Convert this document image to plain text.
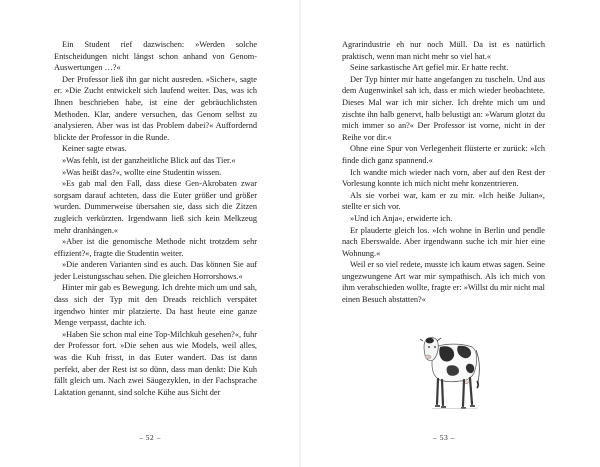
Ein Student rief dazwischen: »Werden solche Entscheidungen nicht längst schon anhand von Genom-Auswertungen …?«

Der Professor ließ ihn gar nicht ausreden. »Sicher«, sagte er. »Die Zucht entwickelt sich laufend weiter. Das, was ich Ihnen beschrieben habe, ist eine der gebräuchlichsten Methoden. Klar, andere versuchen, das Genom selbst zu analysieren. Aber was ist das Problem dabei?« Auffordernd blickte der Professor in die Runde.

Keiner sagte etwas.

»Was fehlt, ist der ganzheitliche Blick auf das Tier.«

»Was heißt das?«, wollte eine Studentin wissen.

»Es gab mal den Fall, dass diese Gen-Akrobaten zwar sorgsam darauf achteten, dass die Euter größer und größer wurden. Dummerweise übersahen sie, dass sich die Zitzen zugleich verkürzten. Irgendwann ließ sich kein Melkzeug mehr dranhängen.«

»Aber ist die genomische Methode nicht trotzdem sehr effizient?«, fragte die Studentin weiter.

»Die anderen Varianten sind es auch. Das können Sie auf jeder Leistungsschau sehen. Die gleichen Horrorshows.«

Hinter mir gab es Bewegung. Ich drehte mich um und sah, dass sich der Typ mit den Dreads reichlich verspätet irgendwo hinter mir platzierte. Da hast heute eine ganze Menge verpasst, dachte ich.

»Haben Sie schon mal eine Top-Milchkuh gesehen?«, fuhr der Professor fort. »Die sehen aus wie Models, weil alles, was die Kuh frisst, in das Euter wandert. Das ist dann perfekt, aber der Rest ist so dünn, dass man denkt: Die Kuh fällt gleich um. Nach zwei Säugezyklen, in der Fachsprache Laktation genannt, sind solche Kühe aus Sicht der

– 52 –

Agrarindustrie eh nur noch Müll. Da ist es natürlich praktisch, wenn man nicht mehr so viel hat.«

Seine sarkastische Art gefiel mir. Er hatte recht.

Der Typ hinter mir hatte angefangen zu tuscheln. Und aus dem Augenwinkel sah ich, dass er mich wieder beobachtete. Dieses Mal war ich mir sicher. Ich drehte mich um und zischte ihn halb genervt, halb belustigt an: »Warum glotzt du mich immer so an?« Der Professor ist vorne, nicht in der Reihe vor dir.«

Ohne eine Spur von Verlegenheit flüsterte er zurück: »Ich finde dich ganz spannend.«

Ich wandte mich wieder nach vorn, aber auf den Rest der Vorlesung konnte ich mich nicht mehr konzentrieren.

Als sie vorbei war, kam er zu mir. »Ich heiße Julian«, stellte er sich vor.

»Und ich Anja«, erwiderte ich.

Er plauderte gleich los. »Ich wohne in Berlin und pendle nach Eberswalde. Aber irgendwann suche ich mir hier eine Wohnung.«

Weil er so viel redete, musste ich kaum etwas sagen. Seine ungezwungene Art war mir sympathisch. Als ich mich von ihm verabschieden wollte, fragte er: »Willst du mir nicht mal einen Besuch abstatten?«

– 53 –
